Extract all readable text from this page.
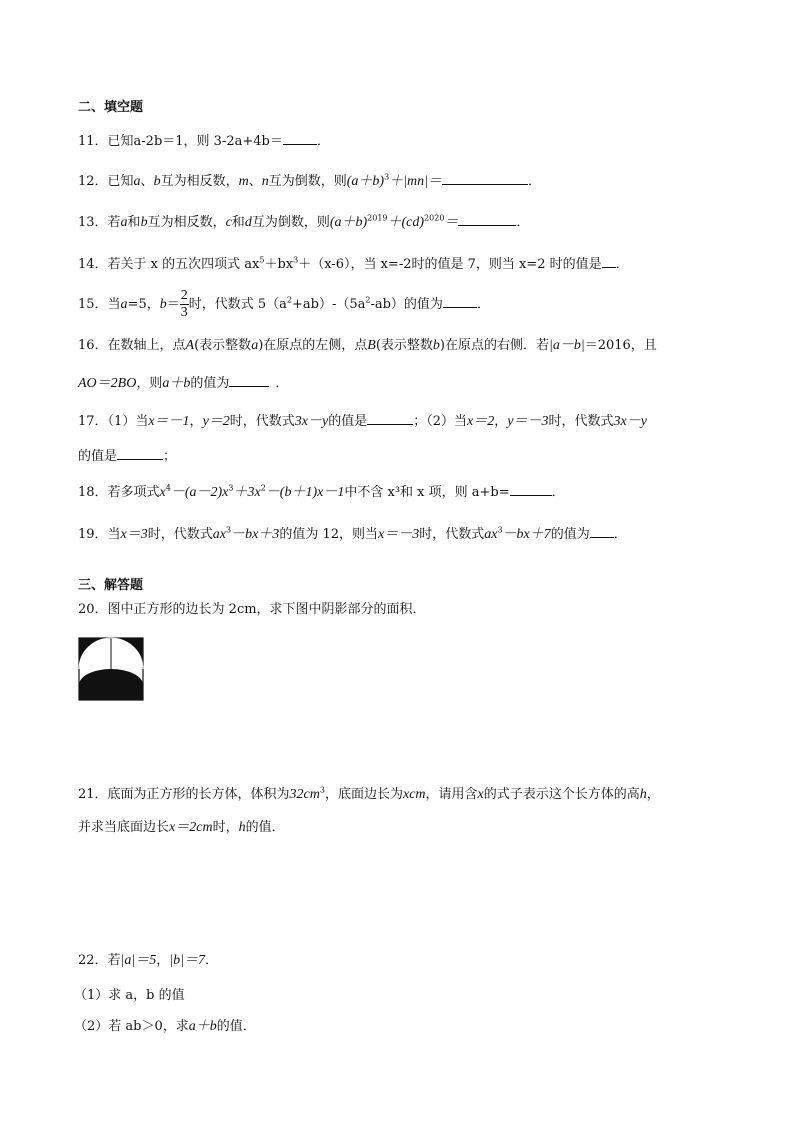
二、填空题
11．已知a-2b＝1，则 3-2a+4b＝	．
12．已知a、b互为相反数，m、n互为倒数，则$(a+b)^3+|mn|=$	．
13．若a和b互为相反数，c和d互为倒数，则$(a+b)^{2019}+(cd)^{2020}=$	．
14．若关于 x 的五次四项式 $ax^5+bx^3+(x-6)$，当 x=-2时的值是 7，则当 x=2 时的值是 ．
15．当a=5，$b= \frac{2}{3}$ 时，代数式 $5(a^2+ab)-(5a^2-ab)$的值为	．
16．在数轴上，点A(表示整数a)在原点的左侧，点B(表示整数b)在原点的右侧．若|a－b|＝2016，且
AO＝2BO，则a＋b的值为	．
17．（1）当x＝－1，y＝2时，代数式3x－y的值是	；（2）当x＝2，y＝－3时，代数式3x－y
的值是	；
18．若多项式$x^4-(a-2)x^3+3x^2-(b+1)x-1$中不含 x³和 x 项，则 a+b=	．
19．当x＝3时，代数式$ax^3-bx+3$的值为 12，则当x＝－3时，代数式$ax^3-bx+7$的值为 ．
三、解答题
20．图中正方形的边长为 2cm，求下图中阴影部分的面积．
21．底面为正方形的长方体，体积为$32cm^3$，底面边长为xcm，请用含x的式子表示这个长方体的高h，
并求当底面边长x＝2cm时，h的值．
22．若|a|＝5，|b|＝7．
（1）求 a，b 的值
（2）若 ab＞0，求a＋b的值．
